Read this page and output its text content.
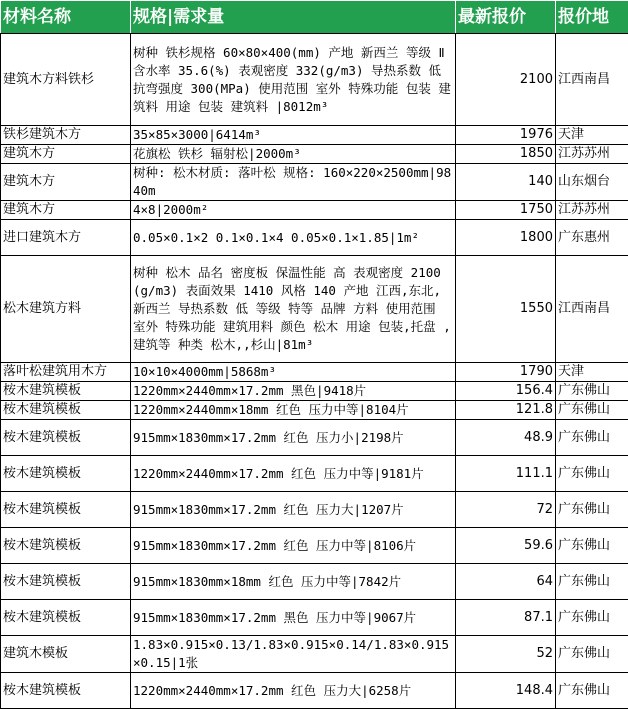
材料名称	规格|需求量	最新报价	报价地
建筑木方料铁杉	树种 铁杉规格 60×80×400(mm) 产地 新西兰 等级 Ⅱ 含水率 35.6(%) 表观密度 332(g/m3) 导热系数 低 抗弯强度 300(MPa) 使用范围 室外 特殊功能 包装 建筑料 用途 包装 建筑料 |8012m³	2100	江西南昌
铁杉建筑木方	35×85×3000|6414m³	1976	天津
建筑木方	花旗松 铁杉 辐射松|2000m³	1850	江苏苏州
建筑木方	树种: 松木材质: 落叶松 规格: 160×220×2500mm|9840m	140	山东烟台
建筑木方	4×8|2000m²	1750	江苏苏州
进口建筑木方	0.05×0.1×2 0.1×0.1×4 0.05×0.1×1.85|1m²	1800	广东惠州
松木建筑方料	树种 松木 品名 密度板 保温性能 高 表观密度 2100(g/m3) 表面效果 1410 风格 140 产地 江西,东北,新西兰 导热系数 低 等级 特等 品牌 方料 使用范围 室外 特殊功能 建筑用料 颜色 松木 用途 包装,托盘 ,建筑等 种类 松木,,杉山|81m³	1550	江西南昌
落叶松建筑用木方	10×10×4000mm|5868m³	1790	天津
桉木建筑模板	1220mm×2440mm×17.2mm 黑色|9418片	156.4	广东佛山
桉木建筑模板	1220mm×2440mm×18mm 红色 压力中等|8104片	121.8	广东佛山
桉木建筑模板	915mm×1830mm×17.2mm 红色 压力小|2198片	48.9	广东佛山
桉木建筑模板	1220mm×2440mm×17.2mm 红色 压力中等|9181片	111.1	广东佛山
桉木建筑模板	915mm×1830mm×17.2mm 红色 压力大|1207片	72	广东佛山
桉木建筑模板	915mm×1830mm×17.2mm 红色 压力中等|8106片	59.6	广东佛山
桉木建筑模板	915mm×1830mm×18mm 红色 压力中等|7842片	64	广东佛山
桉木建筑模板	915mm×1830mm×17.2mm 黑色 压力中等|9067片	87.1	广东佛山
建筑木模板	1.83×0.915×0.13/1.83×0.915×0.14/1.83×0.915×0.15|1张	52	广东佛山
桉木建筑模板	1220mm×2440mm×17.2mm 红色 压力大|6258片	148.4	广东佛山
